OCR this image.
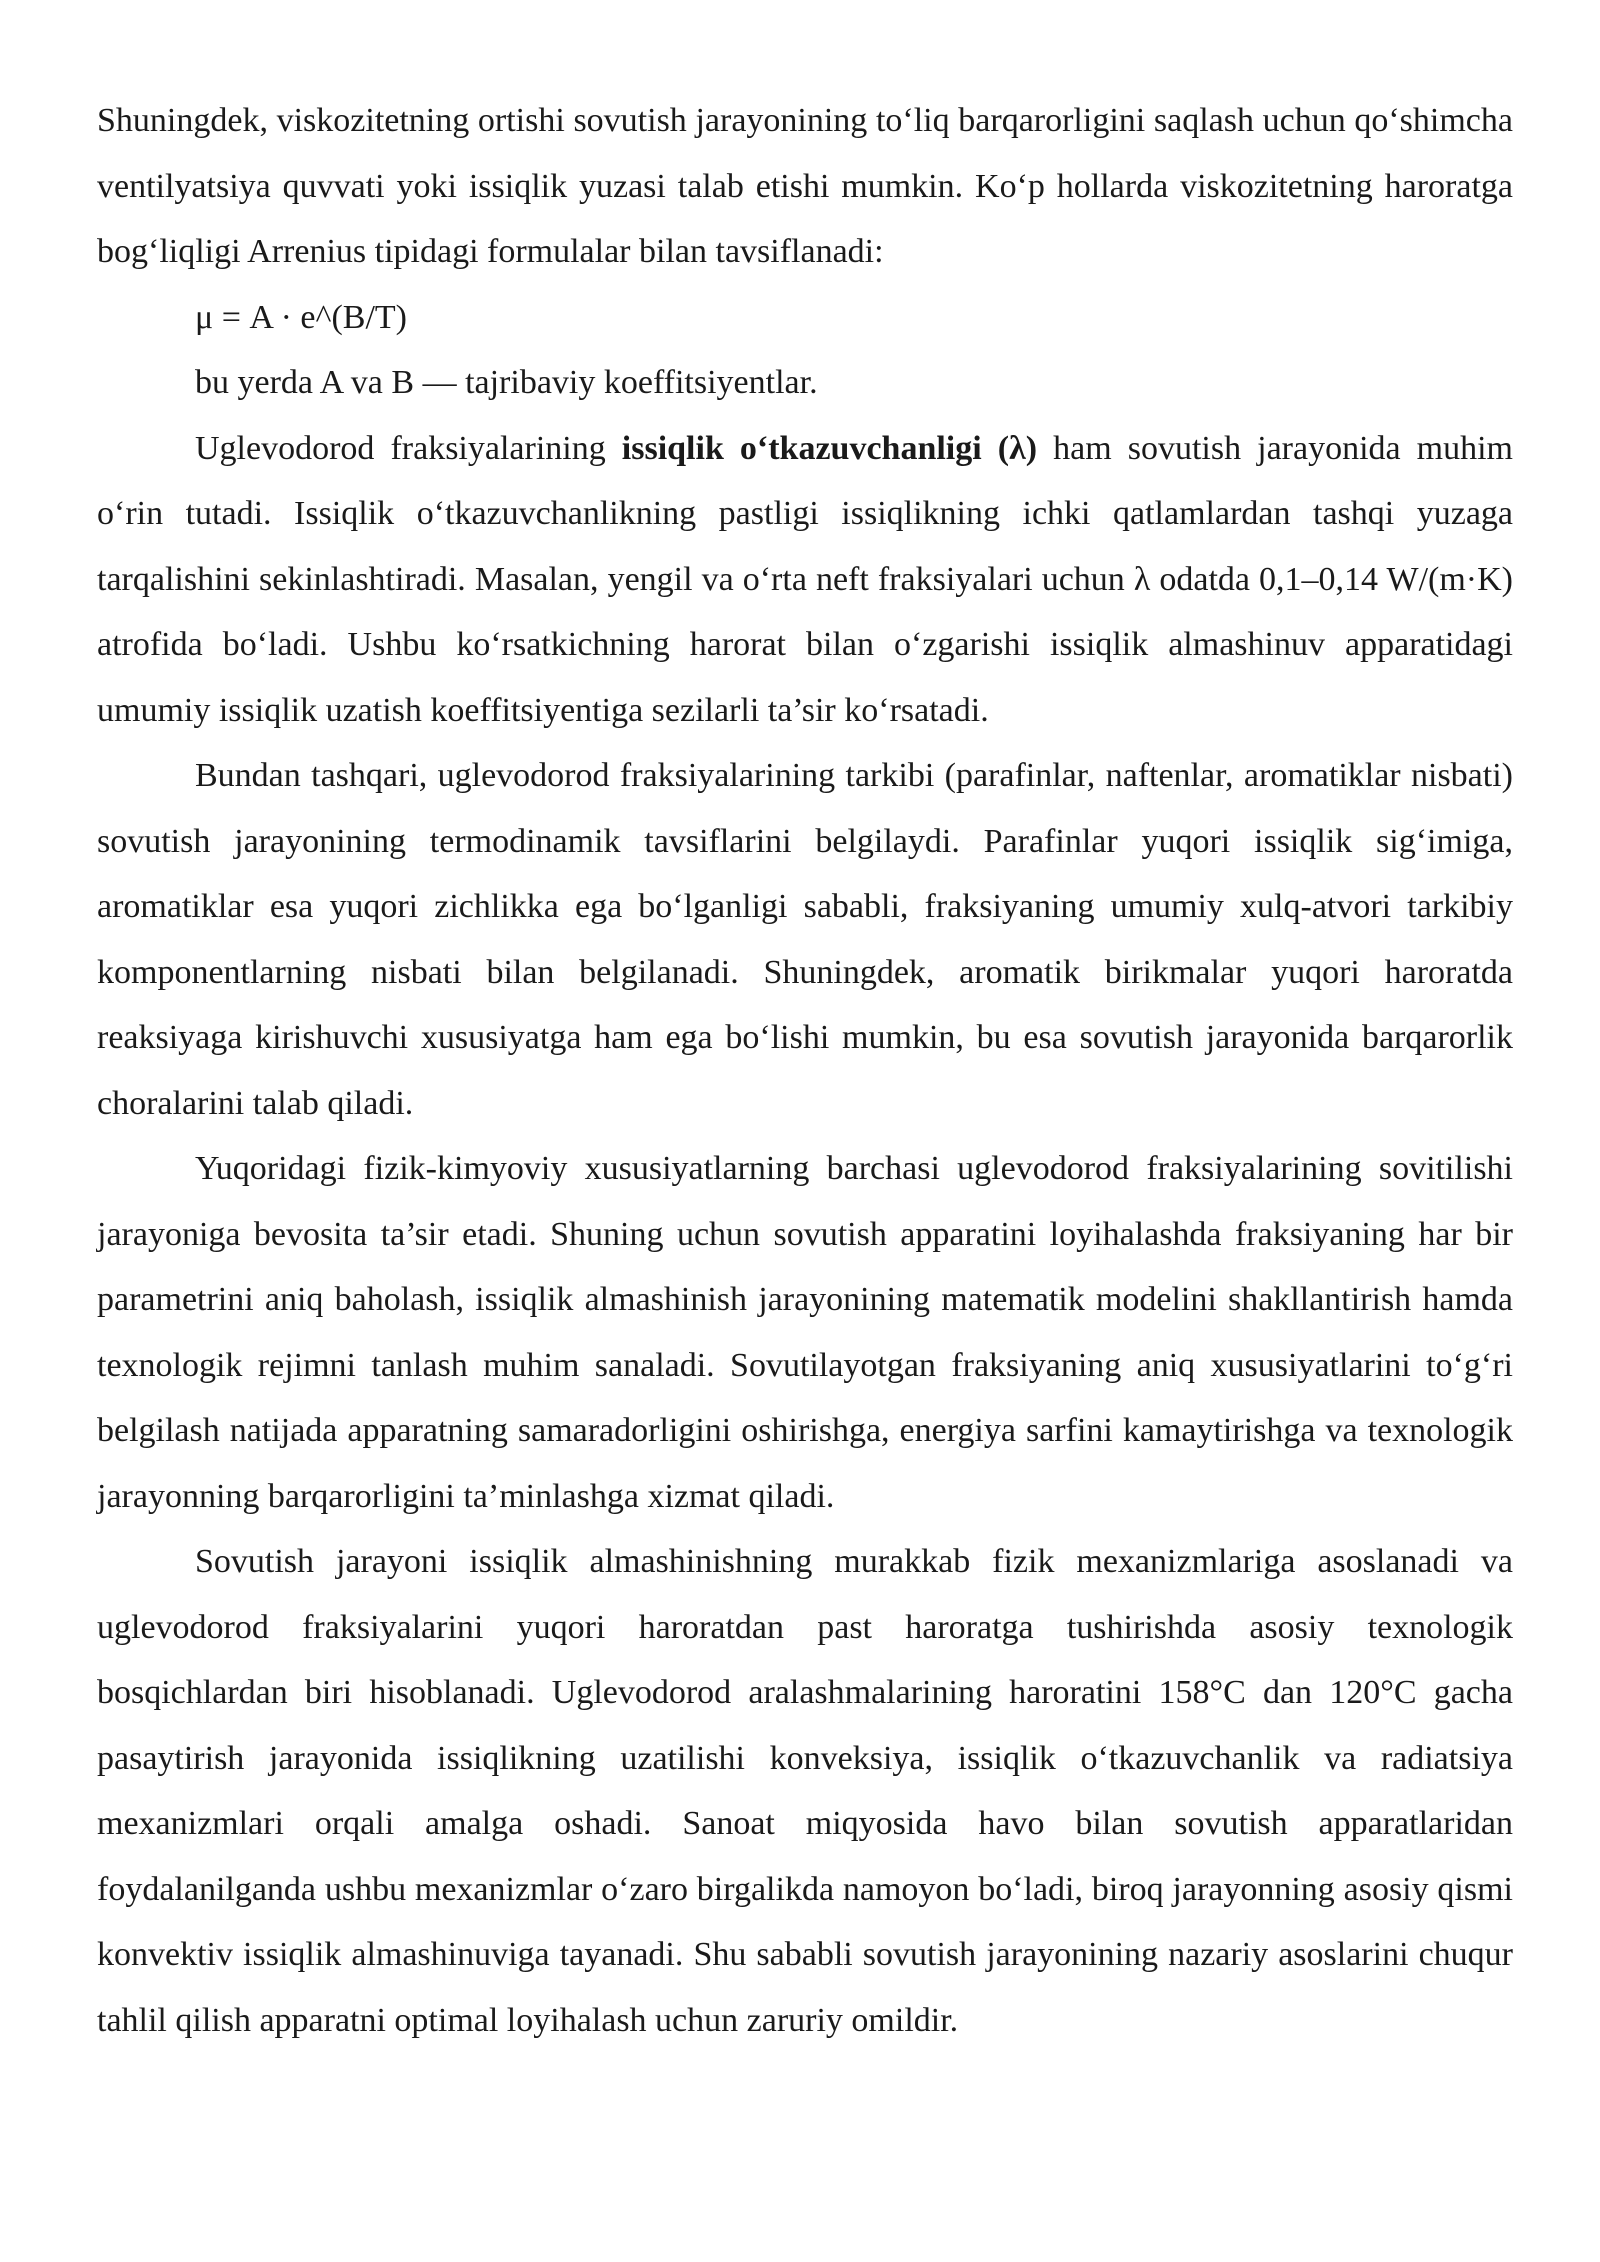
Shuningdek, viskozitetning ortishi sovutish jarayonining to‘liq barqarorligini saqlash uchun qo‘shimcha ventilyatsiya quvvati yoki issiqlik yuzasi talab etishi mumkin. Ko‘p hollarda viskozitetning haroratga bog‘liqligi Arrenius tipidagi formulalar bilan tavsiflanadi:

μ = A · e^(B/T)

bu yerda A va B — tajribaviy koeffitsiyentlar.

Uglevodorod fraksiyalarining issiqlik o‘tkazuvchanligi (λ) ham sovutish jarayonida muhim o‘rin tutadi. Issiqlik o‘tkazuvchanlikning pastligi issiqlikning ichki qatlamlardan tashqi yuzaga tarqalishini sekinlashtiradi. Masalan, yengil va o‘rta neft fraksiyalari uchun λ odatda 0,1–0,14 W/(m·K) atrofida bo‘ladi. Ushbu ko‘rsatkichning harorat bilan o‘zgarishi issiqlik almashinuv apparatidagi umumiy issiqlik uzatish koeffitsiyentiga sezilarli ta’sir ko‘rsatadi.

Bundan tashqari, uglevodorod fraksiyalarining tarkibi (parafinlar, naftenlar, aromatiklar nisbati) sovutish jarayonining termodinamik tavsiflarini belgilaydi. Parafinlar yuqori issiqlik sig‘imiga, aromatiklar esa yuqori zichlikka ega bo‘lganligi sababli, fraksiyaning umumiy xulq-atvori tarkibiy komponentlarning nisbati bilan belgilanadi. Shuningdek, aromatik birikmalar yuqori haroratda reaksiyaga kirishuvchi xususiyatga ham ega bo‘lishi mumkin, bu esa sovutish jarayonida barqarorlik choralarini talab qiladi.

Yuqoridagi fizik-kimyoviy xususiyatlarning barchasi uglevodorod fraksiyalarining sovitilishi jarayoniga bevosita ta’sir etadi. Shuning uchun sovutish apparatini loyihalashda fraksiyaning har bir parametrini aniq baholash, issiqlik almashinish jarayonining matematik modelini shakllantirish hamda texnologik rejimni tanlash muhim sanaladi. Sovutilayotgan fraksiyaning aniq xususiyatlarini to‘g‘ri belgilash natijada apparatning samaradorligini oshirishga, energiya sarfini kamaytirishga va texnologik jarayonning barqarorligini ta’minlashga xizmat qiladi.

Sovutish jarayoni issiqlik almashinishning murakkab fizik mexanizmlariga asoslanadi va uglevodorod fraksiyalarini yuqori haroratdan past haroratga tushirishda asosiy texnologik bosqichlardan biri hisoblanadi. Uglevodorod aralashmalarining haroratini 158°C dan 120°C gacha pasaytirish jarayonida issiqlikning uzatilishi konveksiya, issiqlik o‘tkazuvchanlik va radiatsiya mexanizmlari orqali amalga oshadi. Sanoat miqyosida havo bilan sovutish apparatlaridan foydalanilganda ushbu mexanizmlar o‘zaro birgalikda namoyon bo‘ladi, biroq jarayonning asosiy qismi konvektiv issiqlik almashinuviga tayanadi. Shu sababli sovutish jarayonining nazariy asoslarini chuqur tahlil qilish apparatni optimal loyihalash uchun zaruriy omildir.
